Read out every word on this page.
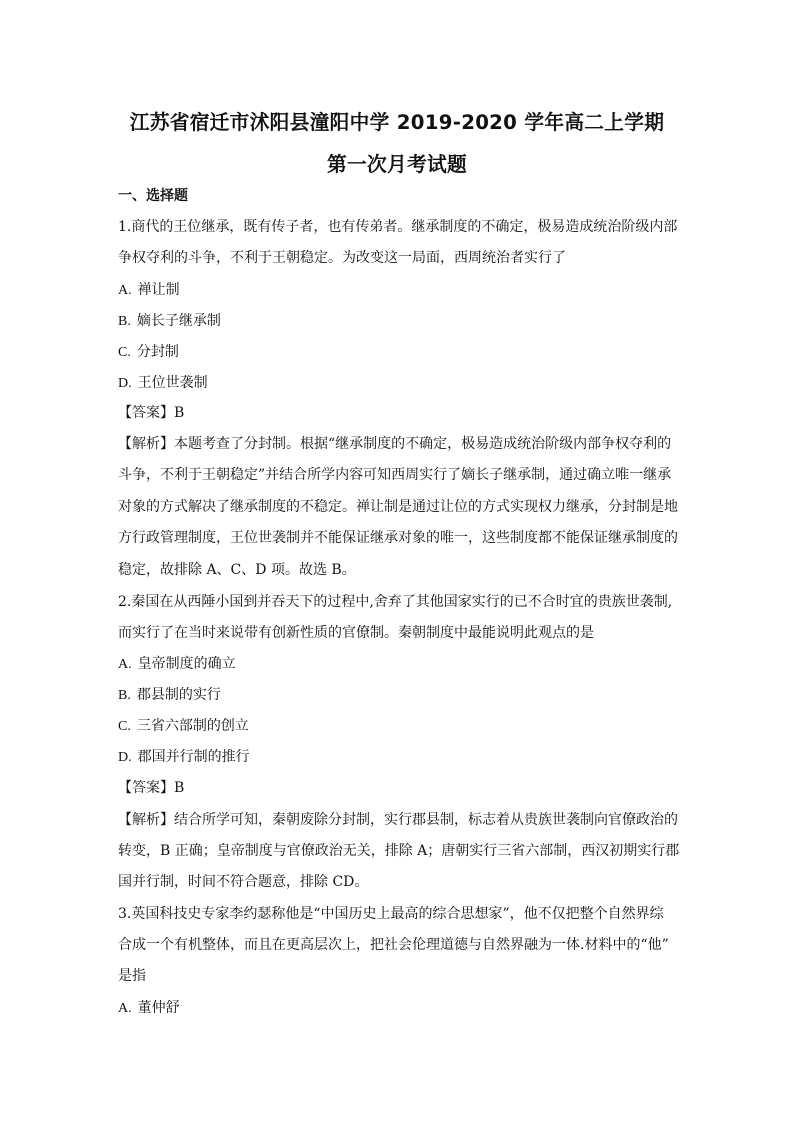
江苏省宿迁市沭阳县潼阳中学 2019-2020 学年高二上学期
第一次月考试题
一、选择题
1.商代的王位继承，既有传子者，也有传弟者。继承制度的不确定，极易造成统治阶级内部
争权夺利的斗争，不利于王朝稳定。为改变这一局面，西周统治者实行了
A. 禅让制
B. 嫡长子继承制
C. 分封制
D. 王位世袭制
【答案】B
【解析】本题考查了分封制。根据“继承制度的不确定，极易造成统治阶级内部争权夺利的
斗争，不利于王朝稳定”并结合所学内容可知西周实行了嫡长子继承制，通过确立唯一继承
对象的方式解决了继承制度的不稳定。禅让制是通过让位的方式实现权力继承，分封制是地
方行政管理制度，王位世袭制并不能保证继承对象的唯一，这些制度都不能保证继承制度的
稳定，故排除 A、C、D 项。故选 B。
2.秦国在从西陲小国到并吞天下的过程中,舍弃了其他国家实行的已不合时宜的贵族世袭制,
而实行了在当时来说带有创新性质的官僚制。秦朝制度中最能说明此观点的是
A. 皇帝制度的确立
B. 郡县制的实行
C. 三省六部制的创立
D. 郡国并行制的推行
【答案】B
【解析】结合所学可知，秦朝废除分封制，实行郡县制，标志着从贵族世袭制向官僚政治的
转变，B 正确；皇帝制度与官僚政治无关，排除 A；唐朝实行三省六部制，西汉初期实行郡
国并行制，时间不符合题意，排除 CD。
3.英国科技史专家李约瑟称他是“中国历史上最高的综合思想家”，他不仅把整个自然界综
合成一个有机整体，而且在更高层次上，把社会伦理道德与自然界融为一体.材料中的“他”
是指
A. 董仲舒
